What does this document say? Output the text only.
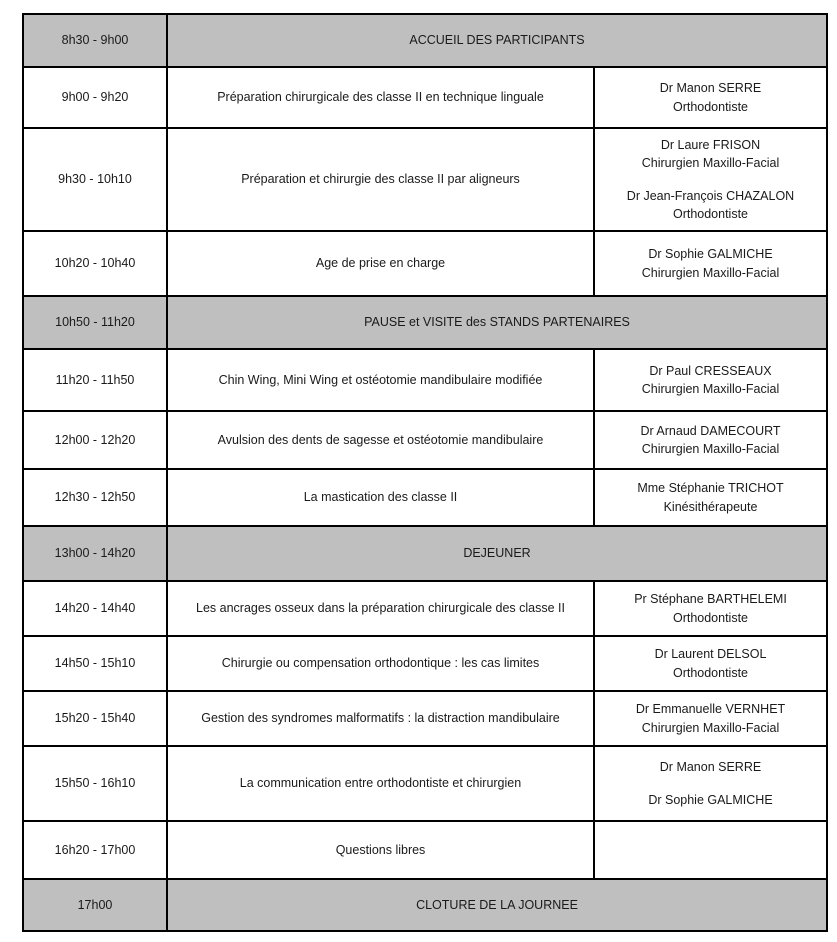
8h30 - 9h00	ACCUEIL DES PARTICIPANTS	
9h00 - 9h20	Préparation chirurgicale des classe II en technique linguale	Dr Manon SERRE
Orthodontiste

9h30 - 10h10	Préparation et chirurgie des classe II par aligneurs	Dr Laure FRISON
Chirurgien Maxillo-Facial
Dr Jean-François CHAZALON
Orthodontiste

10h20 - 10h40	Age de prise en charge	Dr Sophie GALMICHE
Chirurgien Maxillo-Facial

10h50 - 11h20	PAUSE et VISITE des STANDS PARTENAIRES	
11h20 - 11h50	Chin Wing, Mini Wing et ostéotomie mandibulaire modifiée	Dr Paul CRESSEAUX
Chirurgien Maxillo-Facial

12h00 - 12h20	Avulsion des dents de sagesse et ostéotomie mandibulaire	Dr Arnaud DAMECOURT
Chirurgien Maxillo-Facial

12h30 - 12h50	La mastication des classe II	Mme Stéphanie TRICHOT
Kinésithérapeute

13h00 - 14h20	DEJEUNER	
14h20 - 14h40	Les ancrages osseux dans la préparation chirurgicale des classe II	Pr Stéphane BARTHELEMI
Orthodontiste

14h50 - 15h10	Chirurgie ou compensation orthodontique : les cas limites	Dr Laurent DELSOL
Orthodontiste

15h20 - 15h40	Gestion des syndromes malformatifs : la distraction mandibulaire	Dr Emmanuelle VERNHET
Chirurgien Maxillo-Facial

15h50 - 16h10	La communication entre orthodontiste et chirurgien	Dr Manon SERRE
Dr Sophie GALMICHE

16h20 - 17h00	Questions libres	
17h00	CLOTURE DE LA JOURNEE	
